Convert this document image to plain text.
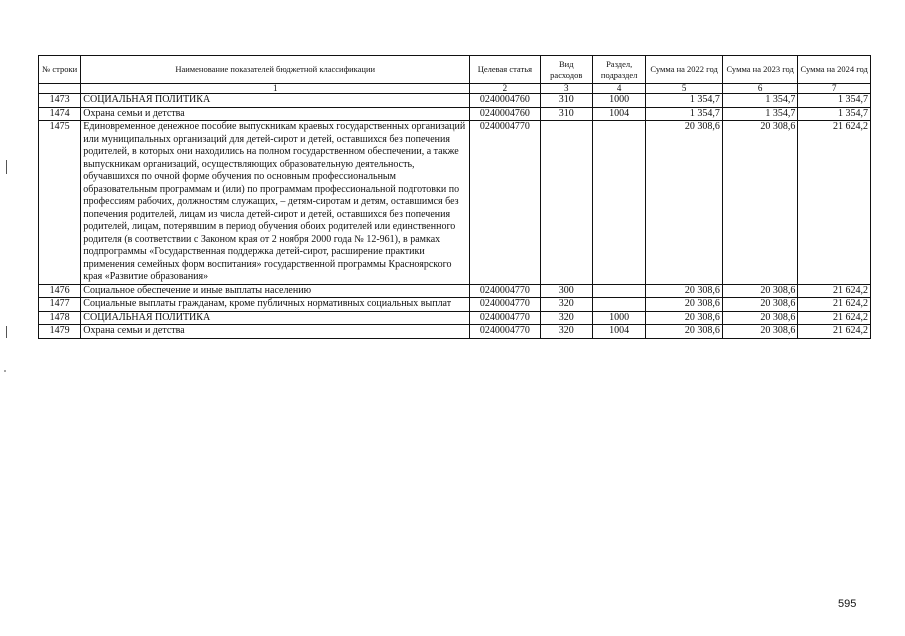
№ строки	Наименование показателей бюджетной классификации	Целевая статья	Вид расходов	Раздел, подраздел	Сумма на 2022 год	Сумма на 2023 год	Сумма на 2024 год
	1	2	3	4	5	6	7
1473	СОЦИАЛЬНАЯ ПОЛИТИКА	0240004760	310	1000	1 354,7	1 354,7	1 354,7
1474	Охрана семьи и детства	0240004760	310	1004	1 354,7	1 354,7	1 354,7
1475	Единовременное денежное пособие выпускникам краевых государственных организаций или муниципальных организаций для детей-сирот и детей, оставшихся без попечения родителей, в которых они находились на полном государственном обеспечении, а также выпускникам организаций, осуществляющих образовательную деятельность, обучавшихся по очной форме обучения по основным профессиональным образовательным программам и (или) по программам профессиональной подготовки по профессиям рабочих, должностям служащих, – детям-сиротам и детям, оставшимся без попечения родителей, лицам из числа детей-сирот и детей, оставшихся без попечения родителей, лицам, потерявшим в период обучения обоих родителей или единственного родителя (в соответствии с Законом края от 2 ноября 2000 года № 12-961), в рамках подпрограммы «Государственная поддержка детей-сирот, расширение практики применения семейных форм воспитания» государственной программы Красноярского края «Развитие образования»	0240004770			20 308,6	20 308,6	21 624,2
1476	Социальное обеспечение и иные выплаты населению	0240004770	300		20 308,6	20 308,6	21 624,2
1477	Социальные выплаты гражданам, кроме публичных нормативных социальных выплат	0240004770	320		20 308,6	20 308,6	21 624,2
1478	СОЦИАЛЬНАЯ ПОЛИТИКА	0240004770	320	1000	20 308,6	20 308,6	21 624,2
1479	Охрана семьи и детства	0240004770	320	1004	20 308,6	20 308,6	21 624,2
595
